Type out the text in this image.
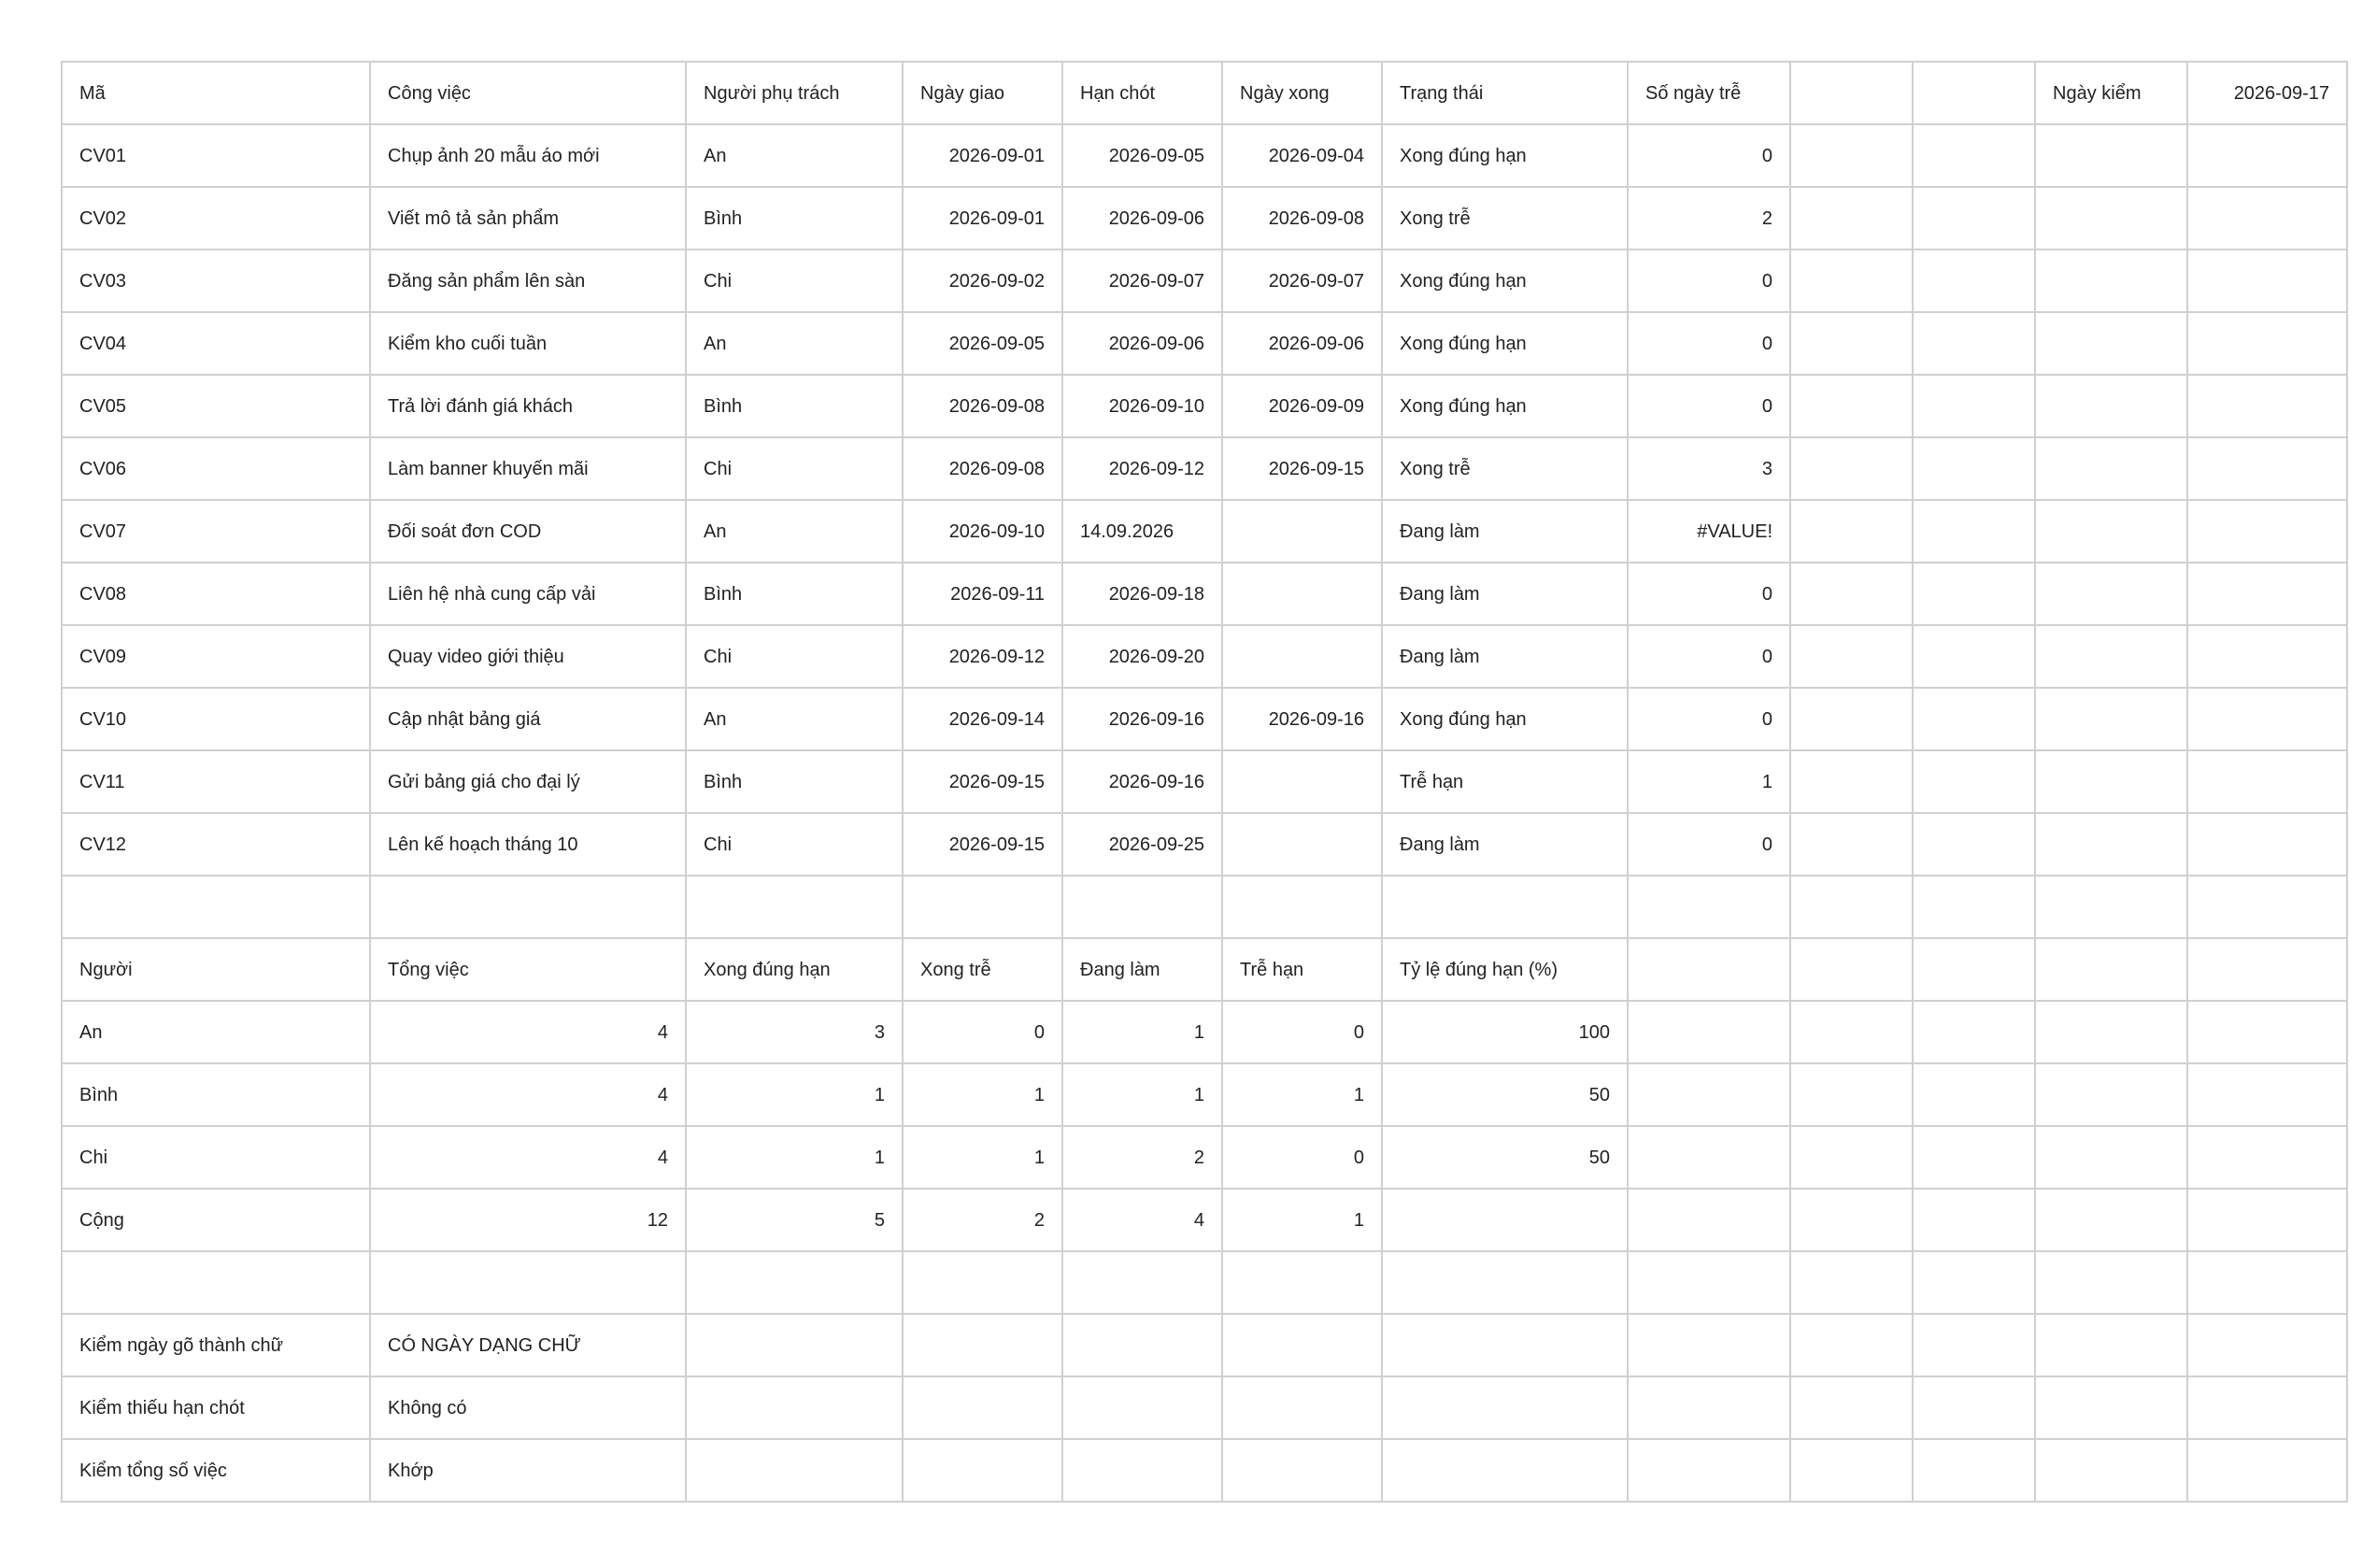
Mã	Công việc	Người phụ trách	Ngày giao	Hạn chót	Ngày xong	Trạng thái	Số ngày trễ			Ngày kiểm	2026-09-17
CV01	Chụp ảnh 20 mẫu áo mới	An	2026-09-01	2026-09-05	2026-09-04	Xong đúng hạn	0				
CV02	Viết mô tả sản phẩm	Bình	2026-09-01	2026-09-06	2026-09-08	Xong trễ	2				
CV03	Đăng sản phẩm lên sàn	Chi	2026-09-02	2026-09-07	2026-09-07	Xong đúng hạn	0				
CV04	Kiểm kho cuối tuần	An	2026-09-05	2026-09-06	2026-09-06	Xong đúng hạn	0				
CV05	Trả lời đánh giá khách	Bình	2026-09-08	2026-09-10	2026-09-09	Xong đúng hạn	0				
CV06	Làm banner khuyến mãi	Chi	2026-09-08	2026-09-12	2026-09-15	Xong trễ	3				
CV07	Đối soát đơn COD	An	2026-09-10	14.09.2026		Đang làm	#VALUE!				
CV08	Liên hệ nhà cung cấp vải	Bình	2026-09-11	2026-09-18		Đang làm	0				
CV09	Quay video giới thiệu	Chi	2026-09-12	2026-09-20		Đang làm	0				
CV10	Cập nhật bảng giá	An	2026-09-14	2026-09-16	2026-09-16	Xong đúng hạn	0				
CV11	Gửi bảng giá cho đại lý	Bình	2026-09-15	2026-09-16		Trễ hạn	1				
CV12	Lên kế hoạch tháng 10	Chi	2026-09-15	2026-09-25		Đang làm	0				

Người	Tổng việc	Xong đúng hạn	Xong trễ	Đang làm	Trễ hạn	Tỷ lệ đúng hạn (%)					
An	4	3	0	1	0	100					
Bình	4	1	1	1	1	50					
Chi	4	1	1	2	0	50					
Cộng	12	5	2	4	1						

Kiểm ngày gõ thành chữ	CÓ NGÀY DẠNG CHỮ										
Kiểm thiếu hạn chót	Không có										
Kiểm tổng số việc	Khớp										
